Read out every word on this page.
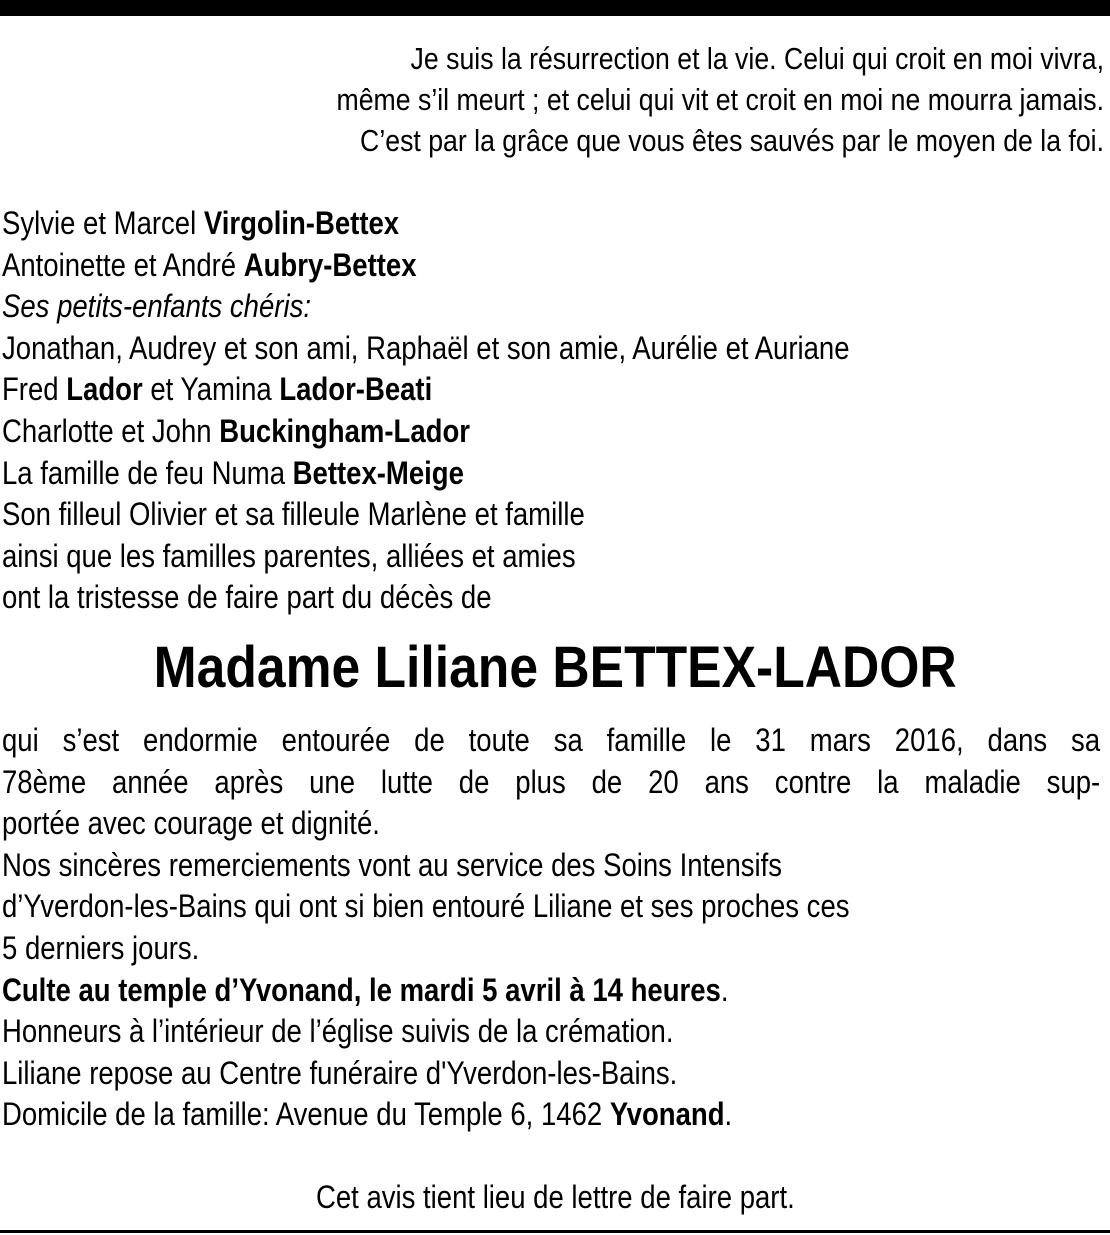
Je suis la résurrection et la vie. Celui qui croit en moi vivra,
même s’il meurt ; et celui qui vit et croit en moi ne mourra jamais.
C’est par la grâce que vous êtes sauvés par le moyen de la foi.
Sylvie et Marcel Virgolin-Bettex
Antoinette et André Aubry-Bettex
Ses petits-enfants chéris:
Jonathan, Audrey et son ami, Raphaël et son amie, Aurélie et Auriane
Fred Lador et Yamina Lador-Beati
Charlotte et John Buckingham-Lador
La famille de feu Numa Bettex-Meige
Son filleul Olivier et sa filleule Marlène et famille
ainsi que les familles parentes, alliées et amies
ont la tristesse de faire part du décès de
Madame Liliane BETTEX-LADOR
qui s’est endormie entourée de toute sa famille le 31 mars 2016, dans sa
78ème année après une lutte de plus de 20 ans contre la maladie sup-
portée avec courage et dignité.
Nos sincères remerciements vont au service des Soins Intensifs
d’Yverdon-les-Bains qui ont si bien entouré Liliane et ses proches ces
5 derniers jours.
Culte au temple d’Yvonand, le mardi 5 avril à 14 heures.
Honneurs à l’intérieur de l’église suivis de la crémation.
Liliane repose au Centre funéraire d'Yverdon-les-Bains.
Domicile de la famille: Avenue du Temple 6, 1462 Yvonand.
Cet avis tient lieu de lettre de faire part.
